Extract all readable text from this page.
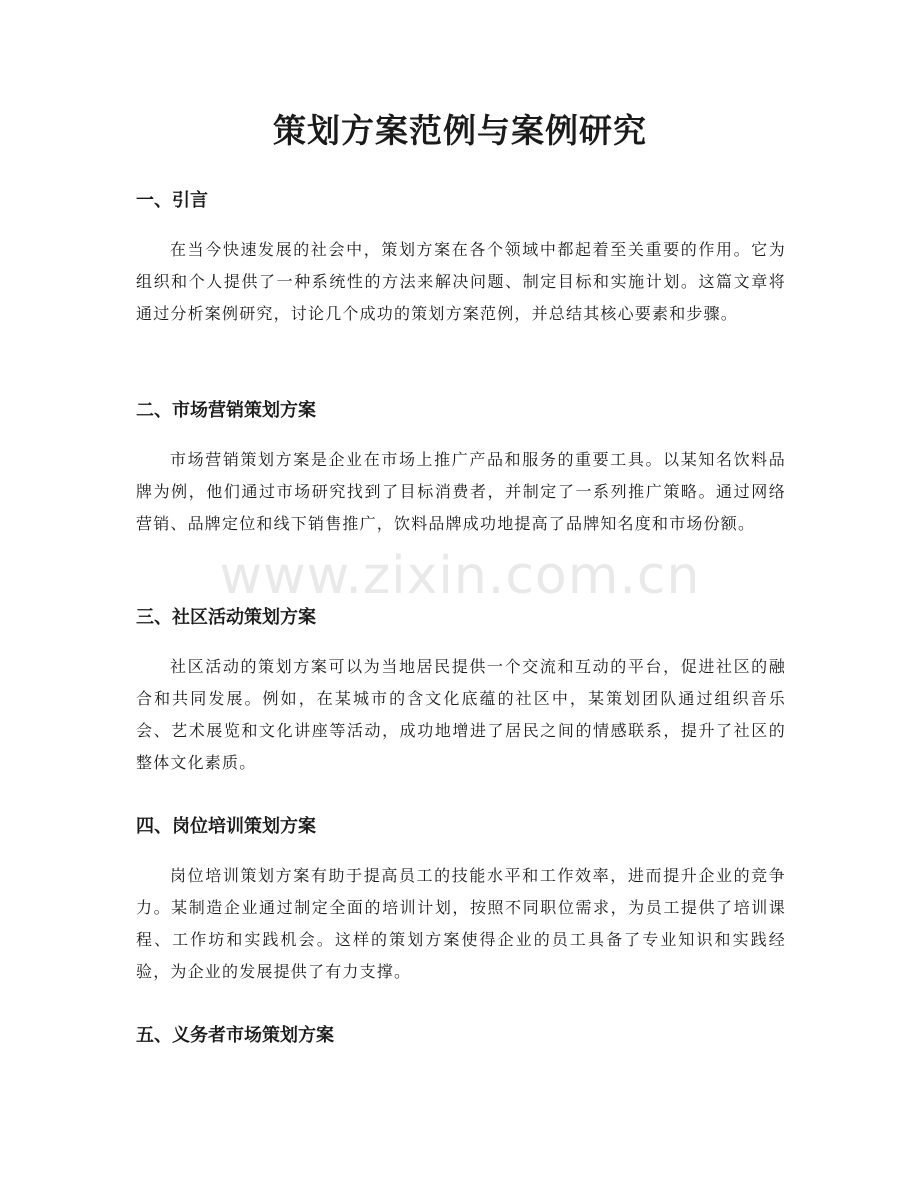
策划方案范例与案例研究
一、引言

在当今快速发展的社会中，策划方案在各个领域中都起着至关重要的作用。它为组织和个人提供了一种系统性的方法来解决问题、制定目标和实施计划。这篇文章将通过分析案例研究，讨论几个成功的策划方案范例，并总结其核心要素和步骤。

二、市场营销策划方案

市场营销策划方案是企业在市场上推广产品和服务的重要工具。以某知名饮料品牌为例，他们通过市场研究找到了目标消费者，并制定了一系列推广策略。通过网络营销、品牌定位和线下销售推广，饮料品牌成功地提高了品牌知名度和市场份额。

三、社区活动策划方案

社区活动的策划方案可以为当地居民提供一个交流和互动的平台，促进社区的融合和共同发展。例如，在某城市的含文化底蕴的社区中，某策划团队通过组织音乐会、艺术展览和文化讲座等活动，成功地增进了居民之间的情感联系，提升了社区的整体文化素质。

四、岗位培训策划方案

岗位培训策划方案有助于提高员工的技能水平和工作效率，进而提升企业的竞争力。某制造企业通过制定全面的培训计划，按照不同职位需求，为员工提供了培训课程、工作坊和实践机会。这样的策划方案使得企业的员工具备了专业知识和实践经验，为企业的发展提供了有力支撑。

五、义务者市场策划方案
www.zixin.com.cn
